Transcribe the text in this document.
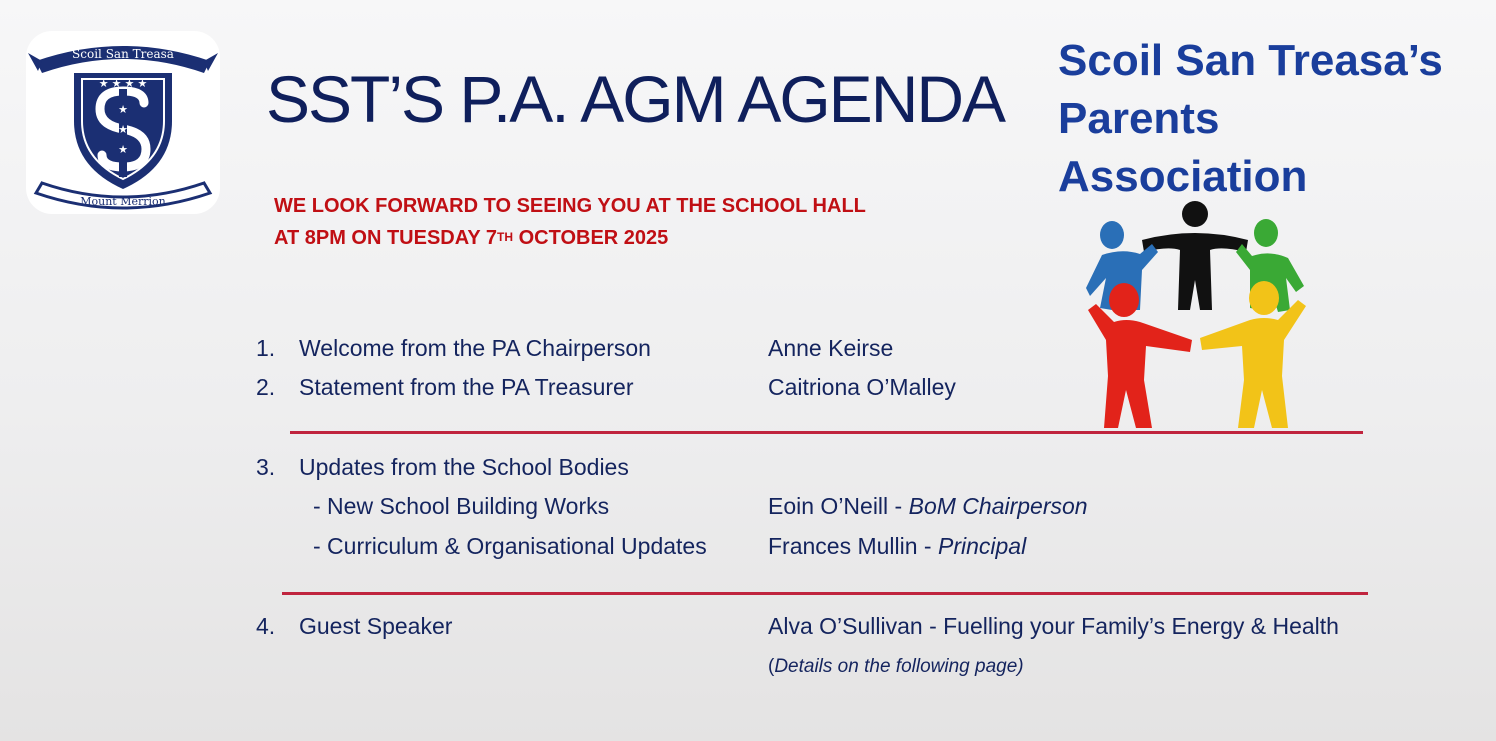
Scoil San Treasa
★ ★ ★ ★
★
★
★
Mount Merrion
SST’S P.A. AGM AGENDA

WE LOOK FORWARD TO SEEING YOU AT THE SCHOOL HALL

AT 8PM ON TUESDAY 7TH OCTOBER 2025

Scoil San Treasa’s
Parents
Association
1. Welcome from the PA Chairperson	Anne Keirse
2. Statement from the PA Treasurer	Caitriona O’Malley
3. Updates from the School Bodies
- New School Building Works	Eoin O’Neill - BoM Chairperson
- Curriculum & Organisational Updates	Frances Mullin - Principal
4. Guest Speaker	Alva O’Sullivan - Fuelling your Family’s Energy & Health
(Details on the following page)
